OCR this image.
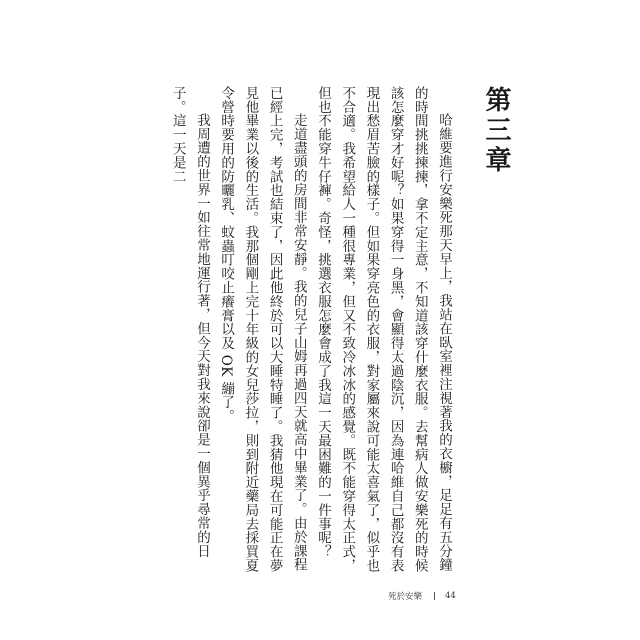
第三章

哈維要進行安樂死那天早上，我站在臥室裡注視著我的衣櫥，足足有五分鐘的時間挑挑揀揀，拿不定主意，不知道該穿什麼衣服。去幫病人做安樂死的時候該怎麼穿才好呢？如果穿得一身黑，會顯得太過陰沉，因為連哈維自己都沒有表現出愁眉苦臉的樣子。但如果穿亮色的衣服，對家屬來說可能太喜氣了，似乎也不合適。我希望給人一種很專業，但又不致冷冰冰的感覺。既不能穿得太正式，但也不能穿牛仔褲。奇怪，挑選衣服怎麼會成了我這一天最困難的一件事呢？

走道盡頭的房間非常安靜。我的兒子山姆再過四天就高中畢業了。由於課程已經上完，考試也結束了，因此他終於可以大睡特睡了。我猜他現在可能正在夢見他畢業以後的生活。我那個剛上完十年級的女兒莎拉，則到附近藥局去採買夏令營時要用的防曬乳、蚊蟲叮咬止癢膏以及 OK 繃了。

我周遭的世界一如往常地運行著，但今天對我來說卻是一個異乎尋常的日子。這一天是二

死於安樂	44
